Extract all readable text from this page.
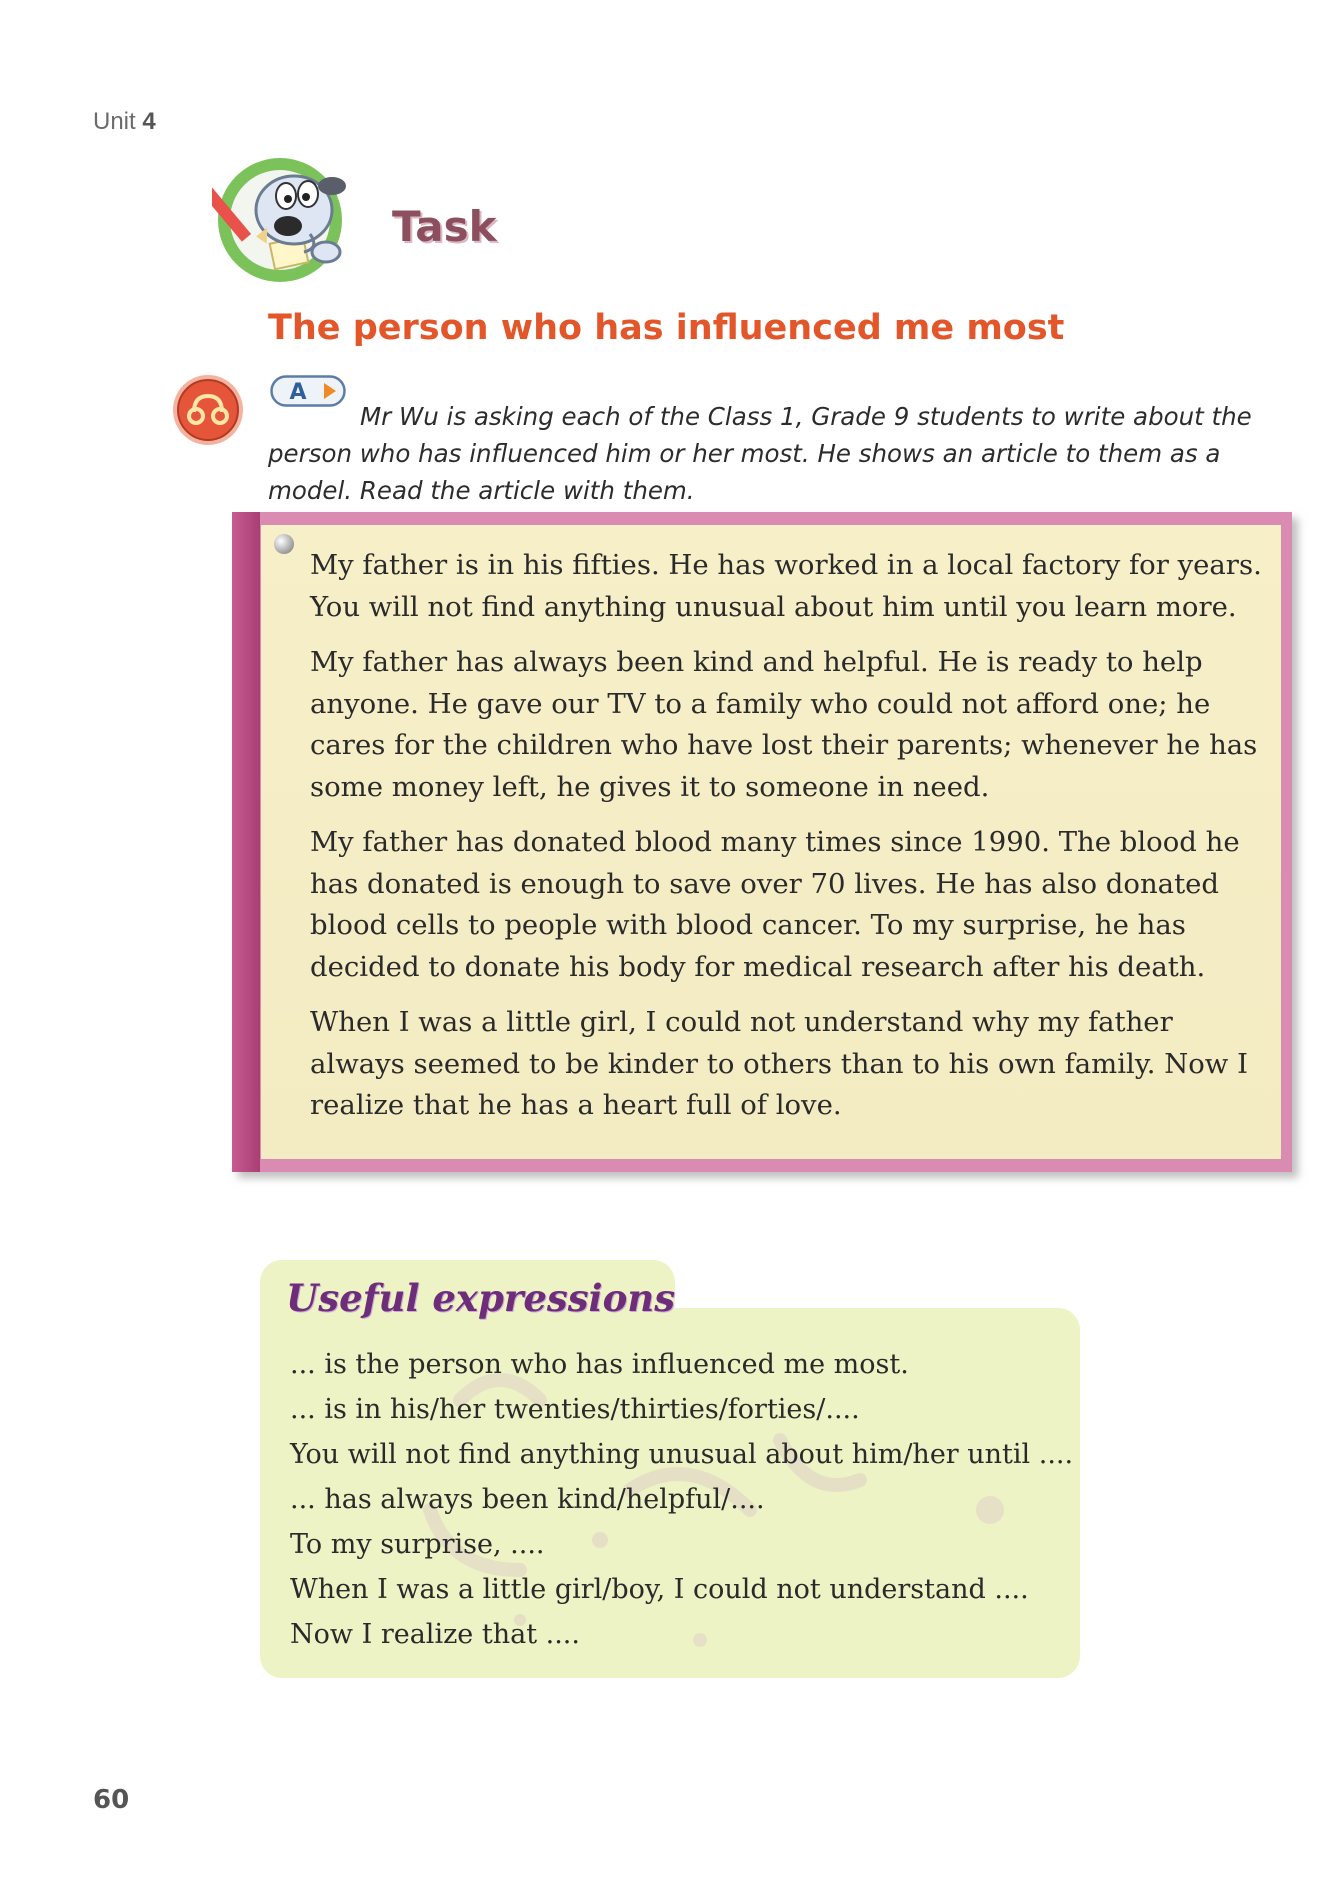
Unit 4
Task
The person who has influenced me most
A

Mr Wu is asking each of the Class 1, Grade 9 students to write about the person who has influenced him or her most. He shows an article to them as a model. Read the article with them.

My father is in his fifties. He has worked in a local factory for years. You will not find anything unusual about him until you learn more.

My father has always been kind and helpful. He is ready to help anyone. He gave our TV to a family who could not afford one; he cares for the children who have lost their parents; whenever he has some money left, he gives it to someone in need.

My father has donated blood many times since 1990. The blood he has donated is enough to save over 70 lives. He has also donated blood cells to people with blood cancer. To my surprise, he has decided to donate his body for medical research after his death.

When I was a little girl, I could not understand why my father always seemed to be kinder to others than to his own family. Now I realize that he has a heart full of love.

Useful expressions
... is the person who has influenced me most.
... is in his/her twenties/thirties/forties/....
You will not find anything unusual about him/her until ....
... has always been kind/helpful/....
To my surprise, ....
When I was a little girl/boy, I could not understand ....
Now I realize that ....
60
